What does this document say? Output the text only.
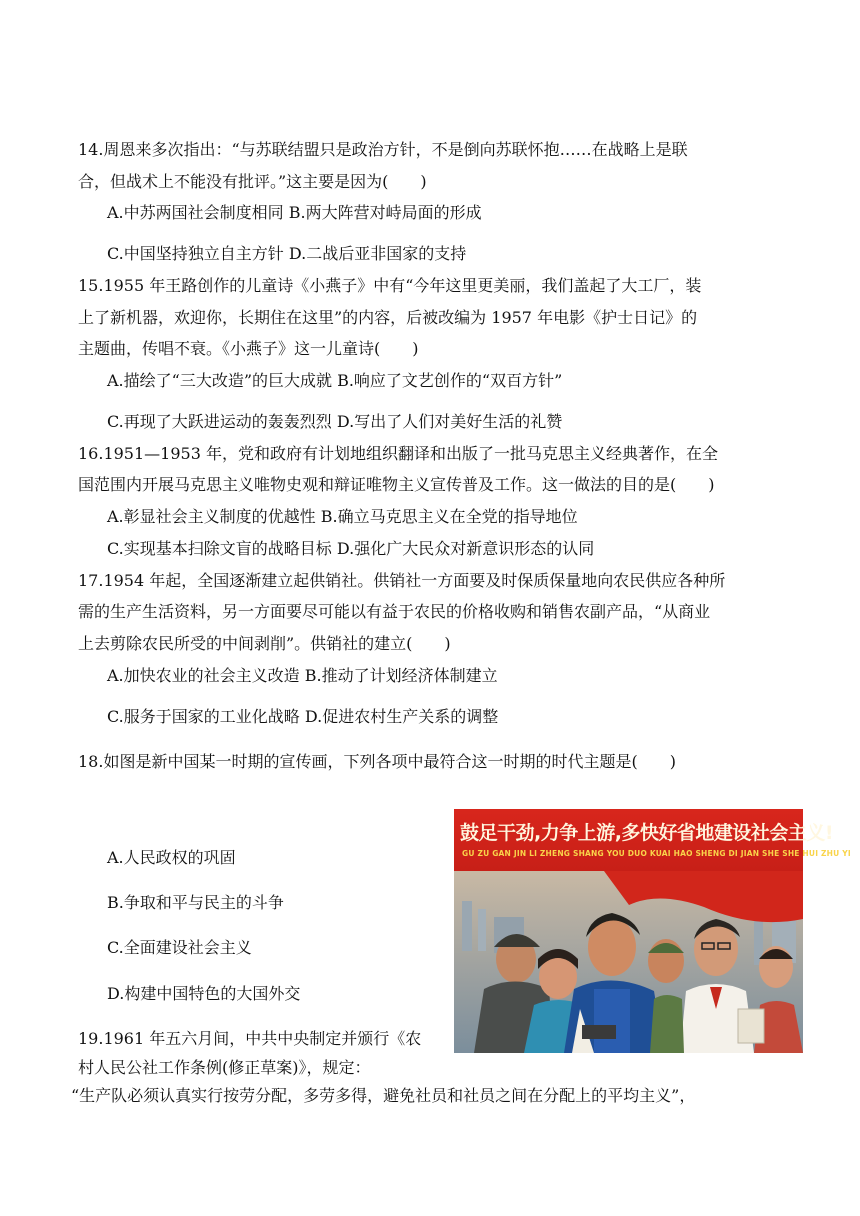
14.周恩来多次指出：“与苏联结盟只是政治方针，不是倒向苏联怀抱……在战略上是联
合，但战术上不能没有批评。”这主要是因为(　　)
A.中苏两国社会制度相同 B.两大阵营对峙局面的形成
C.中国坚持独立自主方针 D.二战后亚非国家的支持
15.1955 年王路创作的儿童诗《小燕子》中有“今年这里更美丽，我们盖起了大工厂，装
上了新机器，欢迎你，长期住在这里”的内容，后被改编为 1957 年电影《护士日记》的
主题曲，传唱不衰。《小燕子》这一儿童诗(　　)
A.描绘了“三大改造”的巨大成就 B.响应了文艺创作的“双百方针”
C.再现了大跃进运动的轰轰烈烈 D.写出了人们对美好生活的礼赞
16.1951—1953 年，党和政府有计划地组织翻译和出版了一批马克思主义经典著作，在全
国范围内开展马克思主义唯物史观和辩证唯物主义宣传普及工作。这一做法的目的是(　　)
A.彰显社会主义制度的优越性 B.确立马克思主义在全党的指导地位
C.实现基本扫除文盲的战略目标 D.强化广大民众对新意识形态的认同
17.1954 年起，全国逐渐建立起供销社。供销社一方面要及时保质保量地向农民供应各种所
需的生产生活资料，另一方面要尽可能以有益于农民的价格收购和销售农副产品，“从商业
上去剪除农民所受的中间剥削”。供销社的建立(　　)
A.加快农业的社会主义改造 B.推动了计划经济体制建立
C.服务于国家的工业化战略 D.促进农村生产关系的调整
18.如图是新中国某一时期的宣传画，下列各项中最符合这一时期的时代主题是(　　)
A.人民政权的巩固
B.争取和平与民主的斗争
C.全面建设社会主义
D.构建中国特色的大国外交
鼓足干劲,力争上游,多快好省地建设社会主义!
GU ZU GAN JIN LI ZHENG SHANG YOU DUO KUAI HAO SHENG DI JIAN SHE SHE HUI ZHU YI
19.1961 年五六月间，中共中央制定并颁行《农
村人民公社工作条例(修正草案)》，规定：
“生产队必须认真实行按劳分配，多劳多得，避免社员和社员之间在分配上的平均主义”，
